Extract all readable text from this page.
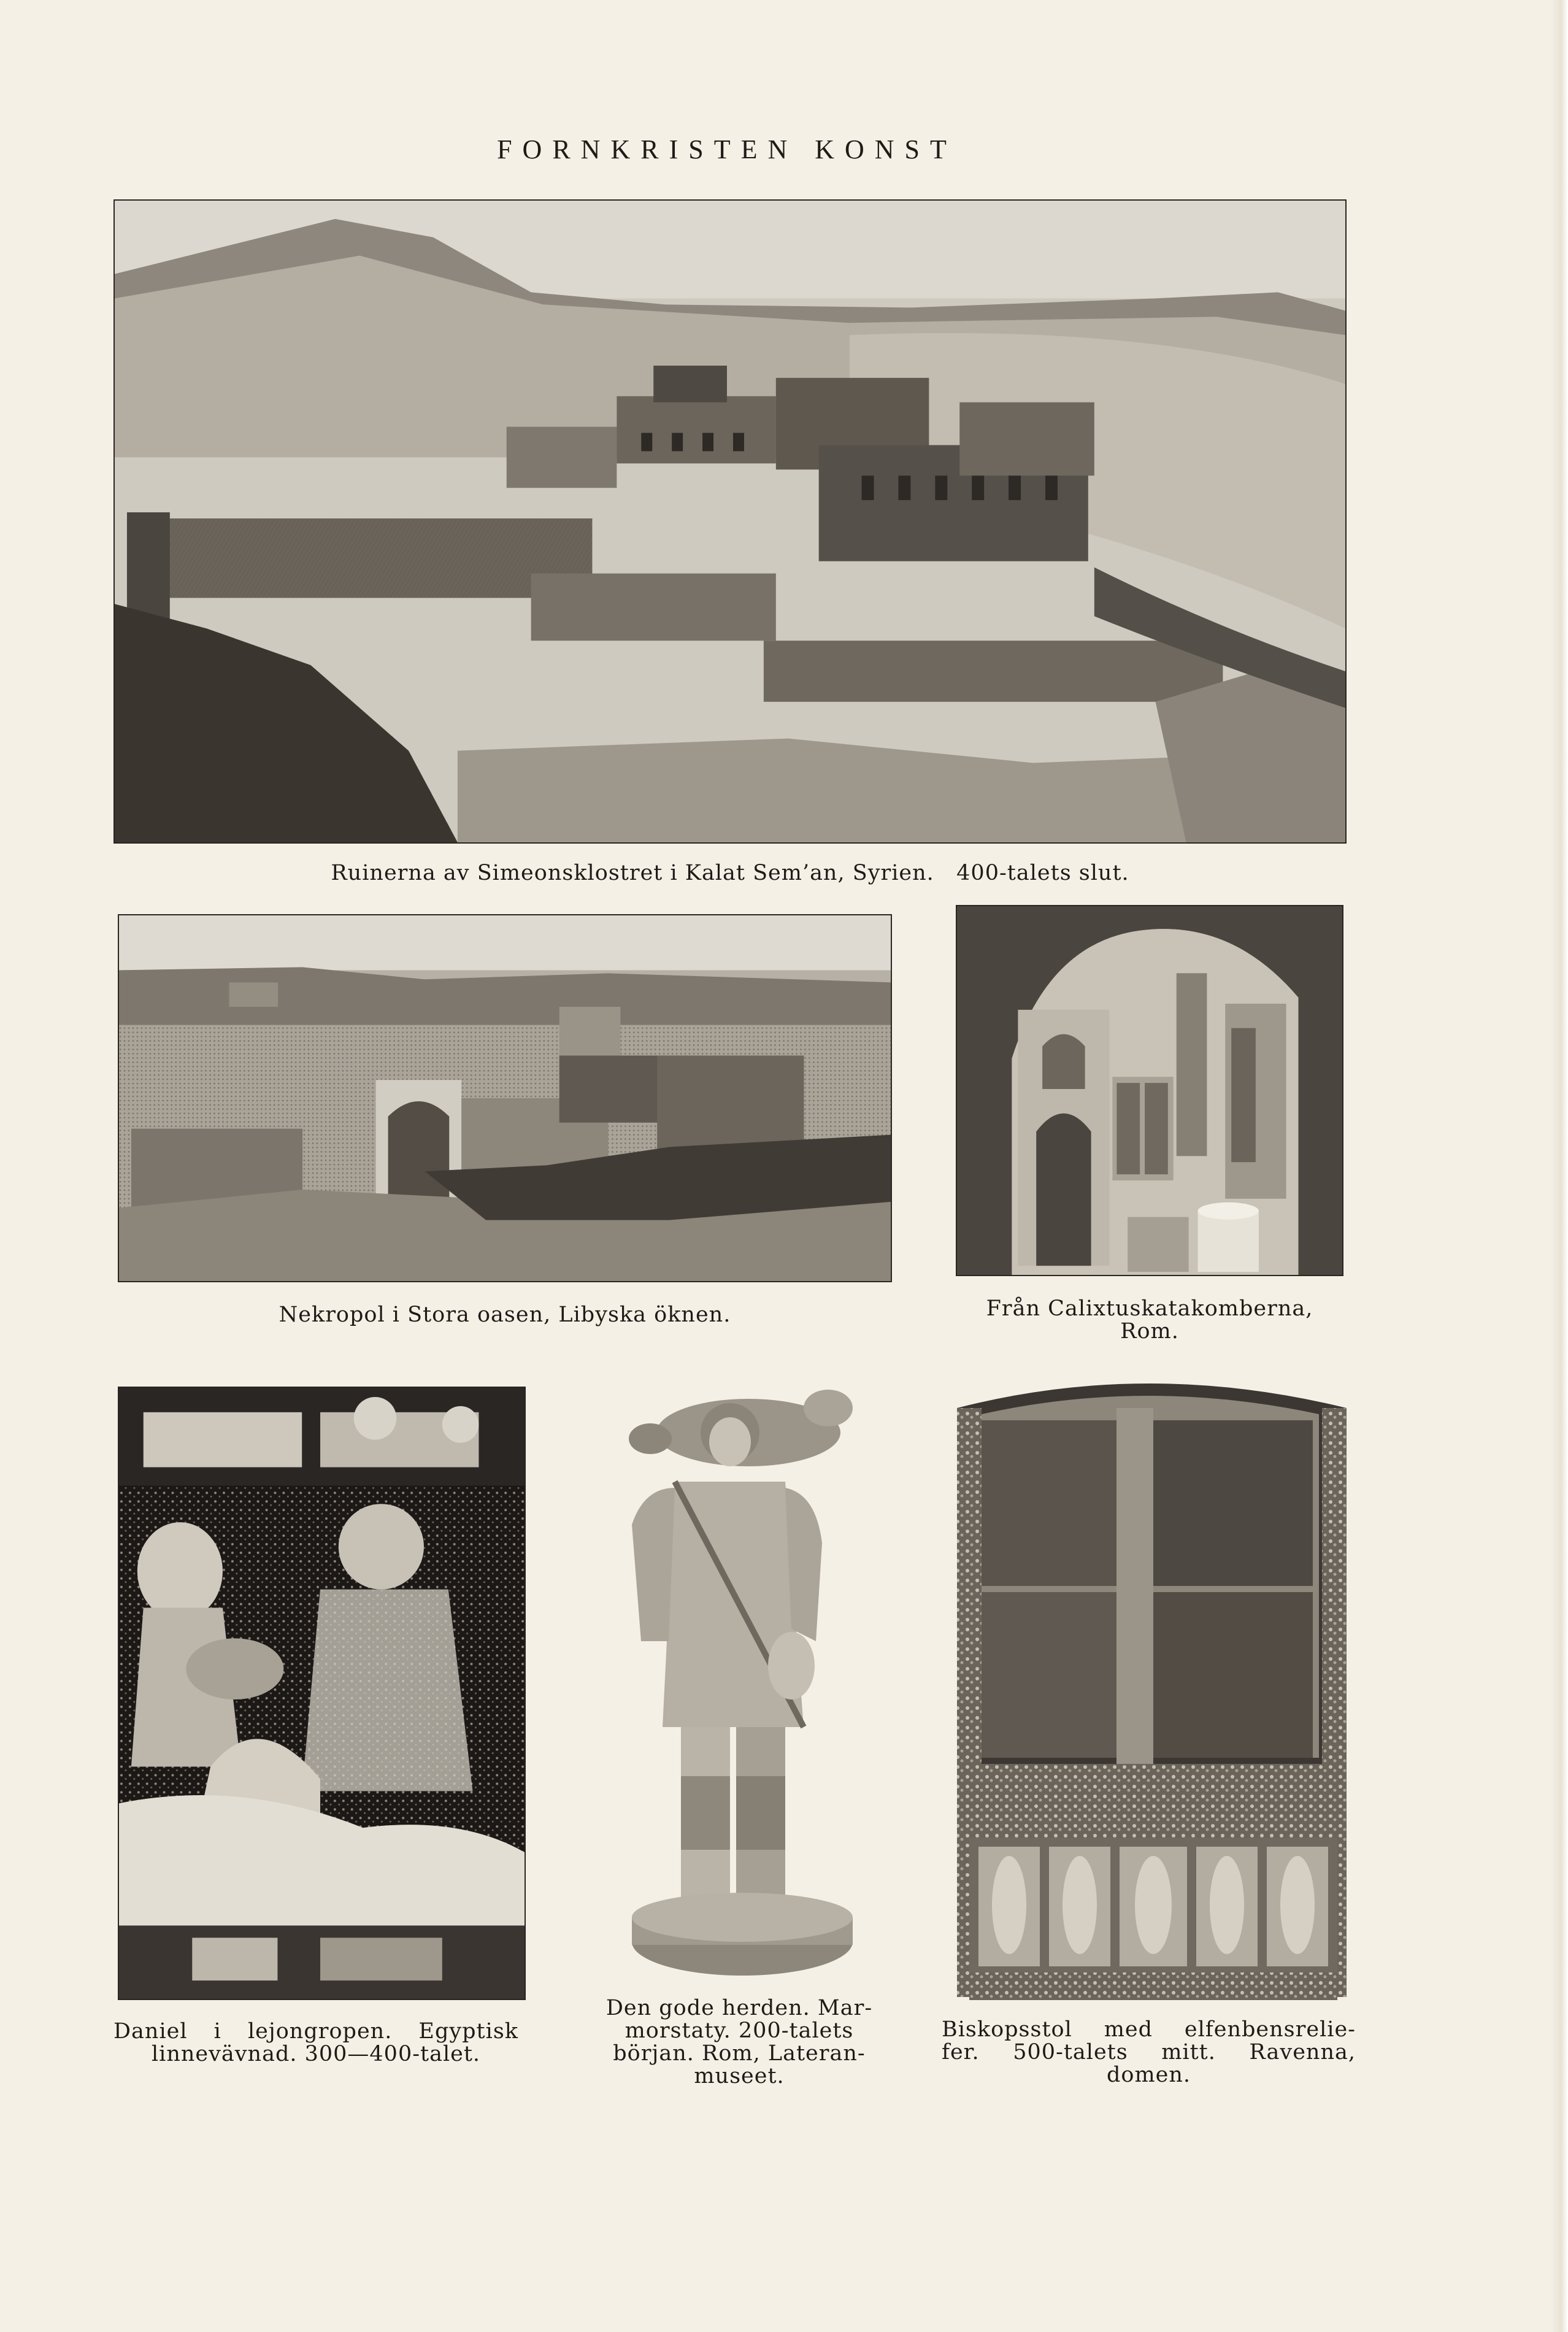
FORNKRISTEN KONST
Ruinerna av Simeonsklostret i Kalat Sem’an, Syrien.   400-talets slut.
Nekropol i Stora oasen, Libyska öknen.	Från Calixtuskatakomberna,
Rom.
Daniel i lejongropen. Egyptisk
linnevävnad. 300—400-talet.
Den gode herden. Mar-
morstaty. 200-talets
början. Rom, Lateran-
museet.
Biskopsstol med elfenbensrelie-
fer. 500-talets mitt. Ravenna,
domen.
